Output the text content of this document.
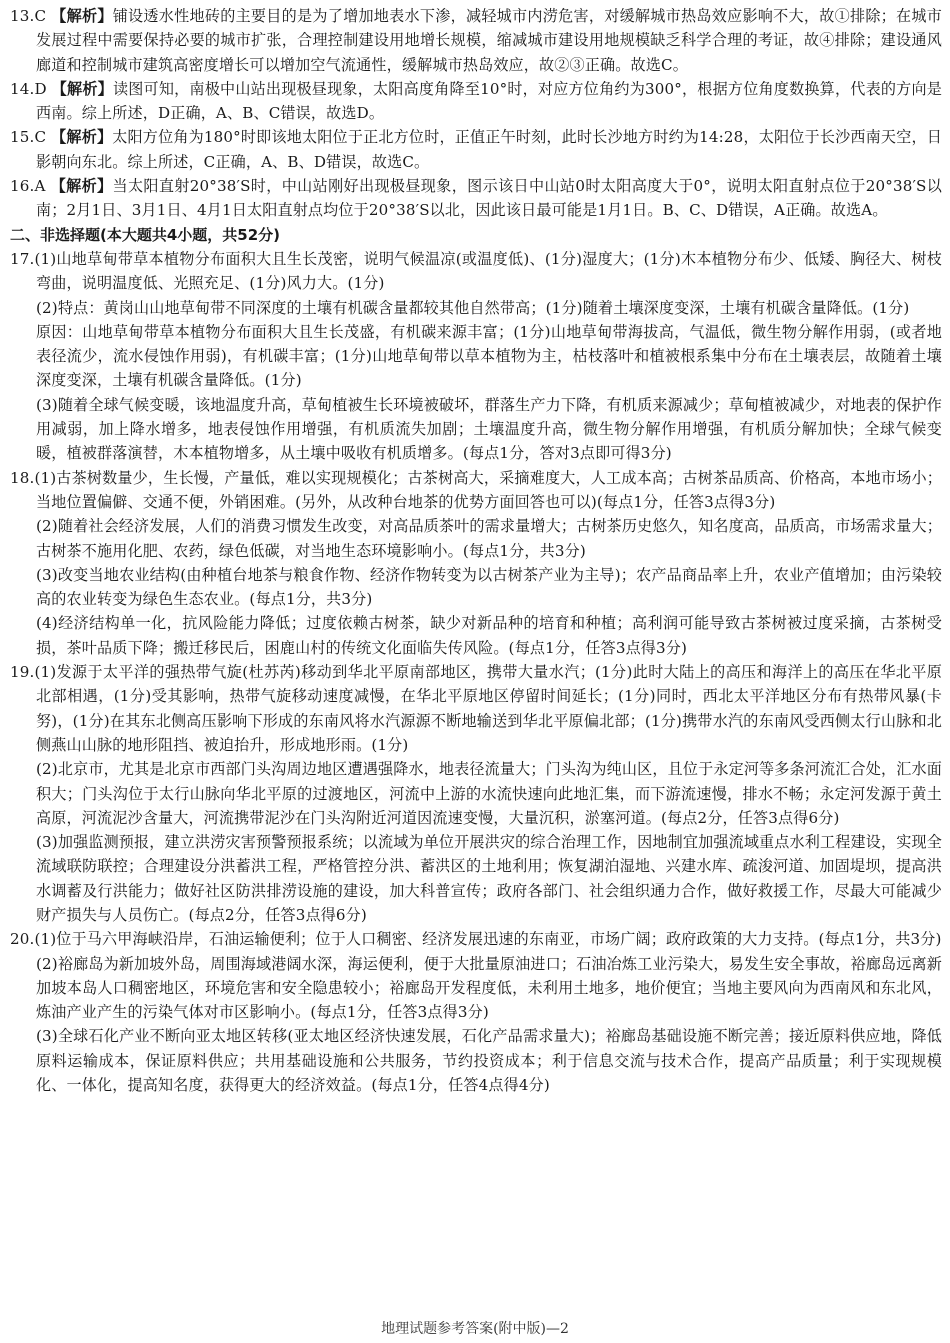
13.C 【解析】铺设透水性地砖的主要目的是为了增加地表水下渗，减轻城市内涝危害，对缓解城市热岛效应影响不大，故①排除；在城市发展过程中需要保持必要的城市扩张，合理控制建设用地增长规模，缩减城市建设用地规模缺乏科学合理的考证，故④排除；建设通风廊道和控制城市建筑高密度增长可以增加空气流通性，缓解城市热岛效应，故②③正确。故选C。

14.D 【解析】读图可知，南极中山站出现极昼现象，太阳高度角降至10°时，对应方位角约为300°，根据方位角度数换算，代表的方向是西南。综上所述，D正确，A、B、C错误，故选D。

15.C 【解析】太阳方位角为180°时即该地太阳位于正北方位时，正值正午时刻，此时长沙地方时约为14:28，太阳位于长沙西南天空，日影朝向东北。综上所述，C正确，A、B、D错误，故选C。

16.A 【解析】当太阳直射20°38′S时，中山站刚好出现极昼现象，图示该日中山站0时太阳高度大于0°，说明太阳直射点位于20°38′S以南；2月1日、3月1日、4月1日太阳直射点均位于20°38′S以北，因此该日最可能是1月1日。B、C、D错误，A正确。故选A。

二、非选择题(本大题共4小题，共52分)

17.(1)山地草甸带草本植物分布面积大且生长茂密，说明气候温凉(或温度低)、(1分)湿度大；(1分)木本植物分布少、低矮、胸径大、树枝弯曲，说明温度低、光照充足、(1分)风力大。(1分)

(2)特点：黄岗山山地草甸带不同深度的土壤有机碳含量都较其他自然带高；(1分)随着土壤深度变深，土壤有机碳含量降低。(1分)

原因：山地草甸带草本植物分布面积大且生长茂盛，有机碳来源丰富；(1分)山地草甸带海拔高，气温低，微生物分解作用弱，(或者地表径流少，流水侵蚀作用弱)，有机碳丰富；(1分)山地草甸带以草本植物为主，枯枝落叶和植被根系集中分布在土壤表层，故随着土壤深度变深，土壤有机碳含量降低。(1分)

(3)随着全球气候变暖，该地温度升高，草甸植被生长环境被破坏，群落生产力下降，有机质来源减少；草甸植被减少，对地表的保护作用减弱，加上降水增多，地表侵蚀作用增强，有机质流失加剧；土壤温度升高，微生物分解作用增强，有机质分解加快；全球气候变暖，植被群落演替，木本植物增多，从土壤中吸收有机质增多。(每点1分，答对3点即可得3分)

18.(1)古茶树数量少，生长慢，产量低，难以实现规模化；古茶树高大，采摘难度大，人工成本高；古树茶品质高、价格高，本地市场小；当地位置偏僻、交通不便，外销困难。(另外，从改种台地茶的优势方面回答也可以)(每点1分，任答3点得3分)

(2)随着社会经济发展，人们的消费习惯发生改变，对高品质茶叶的需求量增大；古树茶历史悠久，知名度高，品质高，市场需求量大；古树茶不施用化肥、农药，绿色低碳，对当地生态环境影响小。(每点1分，共3分)

(3)改变当地农业结构(由种植台地茶与粮食作物、经济作物转变为以古树茶产业为主导)；农产品商品率上升，农业产值增加；由污染较高的农业转变为绿色生态农业。(每点1分，共3分)

(4)经济结构单一化，抗风险能力降低；过度依赖古树茶，缺少对新品种的培育和种植；高利润可能导致古茶树被过度采摘，古茶树受损，茶叶品质下降；搬迁移民后，困鹿山村的传统文化面临失传风险。(每点1分，任答3点得3分)

19.(1)发源于太平洋的强热带气旋(杜苏芮)移动到华北平原南部地区，携带大量水汽；(1分)此时大陆上的高压和海洋上的高压在华北平原北部相遇，(1分)受其影响，热带气旋移动速度减慢，在华北平原地区停留时间延长；(1分)同时，西北太平洋地区分布有热带风暴(卡努)，(1分)在其东北侧高压影响下形成的东南风将水汽源源不断地输送到华北平原偏北部；(1分)携带水汽的东南风受西侧太行山脉和北侧燕山山脉的地形阻挡、被迫抬升，形成地形雨。(1分)

(2)北京市，尤其是北京市西部门头沟周边地区遭遇强降水，地表径流量大；门头沟为纯山区，且位于永定河等多条河流汇合处，汇水面积大；门头沟位于太行山脉向华北平原的过渡地区，河流中上游的水流快速向此地汇集，而下游流速慢，排水不畅；永定河发源于黄土高原，河流泥沙含量大，河流携带泥沙在门头沟附近河道因流速变慢，大量沉积，淤塞河道。(每点2分，任答3点得6分)

(3)加强监测预报，建立洪涝灾害预警预报系统；以流域为单位开展洪灾的综合治理工作，因地制宜加强流域重点水利工程建设，实现全流域联防联控；合理建设分洪蓄洪工程，严格管控分洪、蓄洪区的土地利用；恢复湖泊湿地、兴建水库、疏浚河道、加固堤坝，提高洪水调蓄及行洪能力；做好社区防洪排涝设施的建设，加大科普宣传；政府各部门、社会组织通力合作，做好救援工作，尽最大可能减少财产损失与人员伤亡。(每点2分，任答3点得6分)

20.(1)位于马六甲海峡沿岸，石油运输便利；位于人口稠密、经济发展迅速的东南亚，市场广阔；政府政策的大力支持。(每点1分，共3分)

(2)裕廊岛为新加坡外岛，周围海域港阔水深，海运便利，便于大批量原油进口；石油冶炼工业污染大，易发生安全事故，裕廊岛远离新加坡本岛人口稠密地区，环境危害和安全隐患较小；裕廊岛开发程度低，未利用土地多，地价便宜；当地主要风向为西南风和东北风，炼油产业产生的污染气体对市区影响小。(每点1分，任答3点得3分)

(3)全球石化产业不断向亚太地区转移(亚太地区经济快速发展，石化产品需求量大)；裕廊岛基础设施不断完善；接近原料供应地，降低原料运输成本，保证原料供应；共用基础设施和公共服务，节约投资成本；利于信息交流与技术合作，提高产品质量；利于实现规模化、一体化，提高知名度，获得更大的经济效益。(每点1分，任答4点得4分)

地理试题参考答案(附中版)—2
